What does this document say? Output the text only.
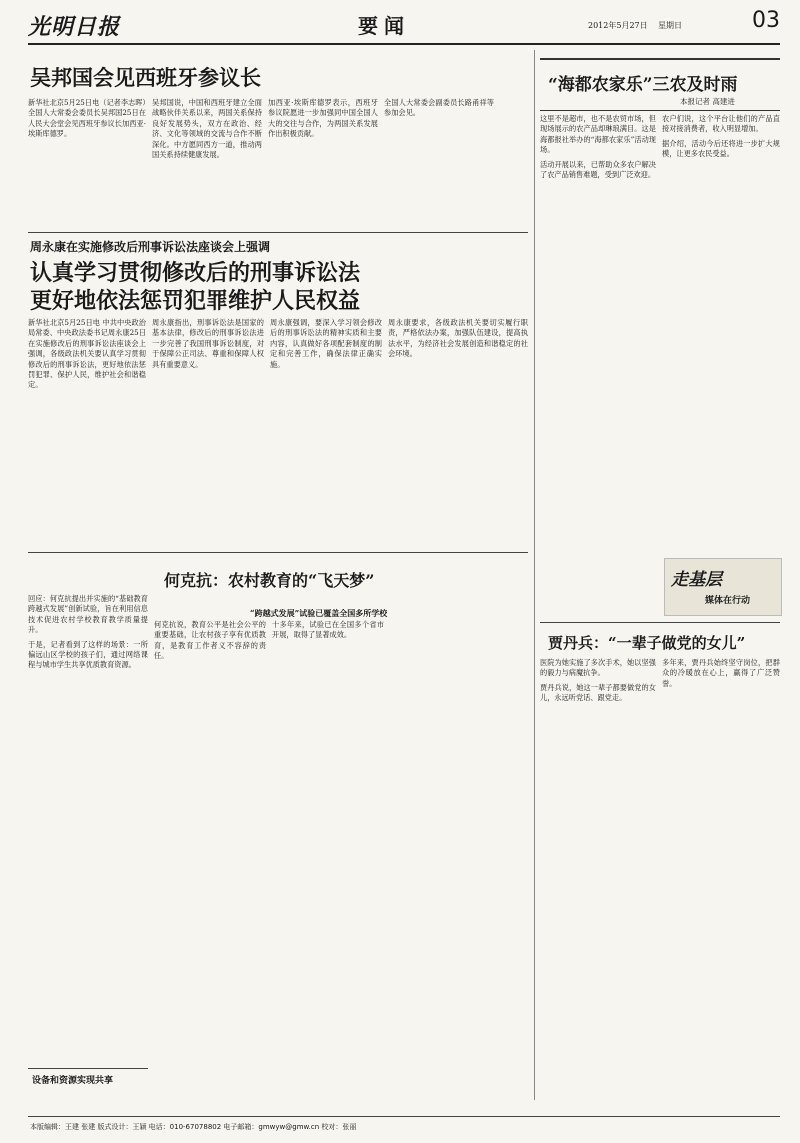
光明日报	要闻	2012年5月27日 星期日	03
吴邦国会见西班牙参议长

新华社北京5月25日电（记者李志晖）全国人大常委会委员长吴邦国25日在人民大会堂会见西班牙参议长加西亚·埃斯库德罗。

吴邦国说，中国和西班牙建立全面战略伙伴关系以来，两国关系保持良好发展势头，双方在政治、经济、文化等领域的交流与合作不断深化。中方愿同西方一道，推动两国关系持续健康发展。

加西亚·埃斯库德罗表示，西班牙参议院愿进一步加强同中国全国人大的交往与合作，为两国关系发展作出积极贡献。

全国人大常委会副委员长路甬祥等参加会见。

周永康在实施修改后刑事诉讼法座谈会上强调
认真学习贯彻修改后的刑事诉讼法
更好地依法惩罚犯罪维护人民权益

新华社北京5月25日电 中共中央政治局常委、中央政法委书记周永康25日在实施修改后的刑事诉讼法座谈会上强调，各级政法机关要认真学习贯彻修改后的刑事诉讼法，更好地依法惩罚犯罪、保护人民，维护社会和谐稳定。

周永康指出，刑事诉讼法是国家的基本法律，修改后的刑事诉讼法进一步完善了我国刑事诉讼制度，对于保障公正司法、尊重和保障人权具有重要意义。

周永康强调，要深入学习领会修改后的刑事诉讼法的精神实质和主要内容，认真做好各项配套制度的制定和完善工作，确保法律正确实施。

周永康要求，各级政法机关要切实履行职责，严格依法办案，加强队伍建设，提高执法水平，为经济社会发展创造和谐稳定的社会环境。

“海都农家乐”三农及时雨
本报记者 高建进

这里不是超市，也不是农贸市场，但现场展示的农产品却琳琅满目。这是海都报社举办的“海都农家乐”活动现场。

活动开展以来，已帮助众多农户解决了农产品销售难题，受到广泛欢迎。

农户们说，这个平台让他们的产品直接对接消费者，收入明显增加。

据介绍，活动今后还将进一步扩大规模，让更多农民受益。

走基层
媒体在行动
何克抗：农村教育的“飞天梦”
“跨越式发展”试验已覆盖全国多所学校

回应：何克抗提出并实施的“基础教育跨越式发展”创新试验，旨在利用信息技术促进农村学校教育教学质量提升。

于是，记者看到了这样的场景：一所偏远山区学校的孩子们，通过网络课程与城市学生共享优质教育资源。

何克抗说，教育公平是社会公平的重要基础，让农村孩子享有优质教育，是教育工作者义不容辞的责任。

十多年来，试验已在全国多个省市开展，取得了显著成效。	贾丹兵：“一辈子做党的女儿”

医院为她实施了多次手术，她以坚强的毅力与病魔抗争。

贾丹兵说，她这一辈子都要做党的女儿，永远听党话、跟党走。

多年来，贾丹兵始终坚守岗位，把群众的冷暖放在心上，赢得了广泛赞誉。

设备和资源实现共享
本版编辑：王建 张建 版式设计：王颖 电话：010-67078802 电子邮箱：gmwyw@gmw.cn 校对：张丽
